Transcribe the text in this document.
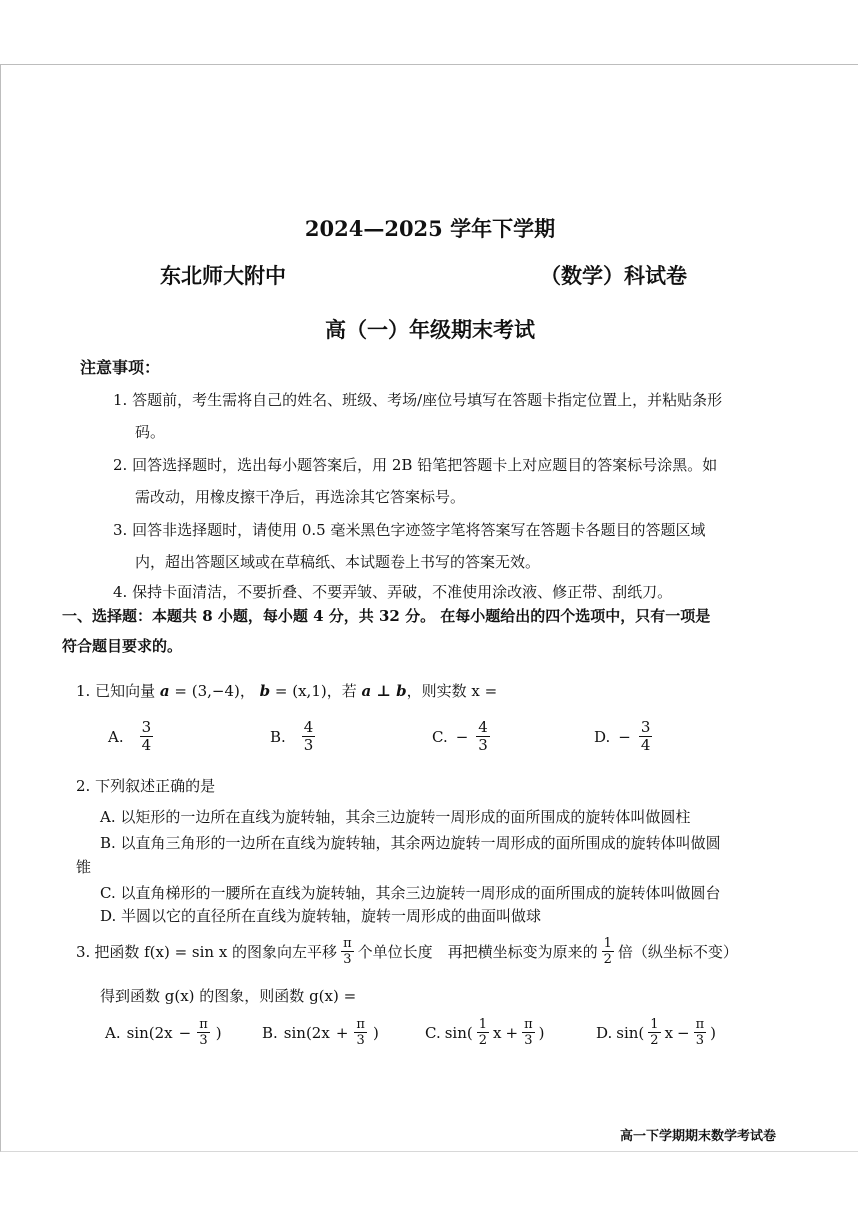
2024—2025 学年下学期
东北师大附中	（数学）科试卷
高（一）年级期末考试
注意事项：
1. 答题前，考生需将自己的姓名、班级、考场/座位号填写在答题卡指定位置上，并粘贴条形
码。
2. 回答选择题时，选出每小题答案后，用 2B 铅笔把答题卡上对应题目的答案标号涂黑。如
需改动，用橡皮擦干净后，再选涂其它答案标号。
3. 回答非选择题时，请使用 0.5 毫米黑色字迹签字笔将答案写在答题卡各题目的答题区域
内，超出答题区域或在草稿纸、本试题卷上书写的答案无效。
4. 保持卡面清洁，不要折叠、不要弄皱、弄破，不准使用涂改液、修正带、刮纸刀。
一、选择题：本题共 8 小题，每小题 4 分，共 32 分。 在每小题给出的四个选项中，只有一项是
符合题目要求的。
1. 已知向量 a = (3,−4)， b = (x,1)，若 a ⊥ b，则实数 x =
A. $\frac{3}{4}$	B. $\frac{4}{3}$	C. − $\frac{4}{3}$	D. − $\frac{3}{4}$
2. 下列叙述正确的是
A. 以矩形的一边所在直线为旋转轴，其余三边旋转一周形成的面所围成的旋转体叫做圆柱
B. 以直角三角形的一边所在直线为旋转轴，其余两边旋转一周形成的面所围成的旋转体叫做圆
锥
C. 以直角梯形的一腰所在直线为旋转轴，其余三边旋转一周形成的面所围成的旋转体叫做圆台
D. 半圆以它的直径所在直线为旋转轴，旋转一周形成的曲面叫做球
3. 把函数 f(x) = sin x 的图象向左平移 $\frac{\pi}{3}$ 个单位长度　再把横坐标变为原来的 $\frac{1}{2}$ 倍（纵坐标不变）
得到函数 g(x) 的图象，则函数 g(x) =
A. $\sin(2x - \frac{\pi}{3}$ )	B. $\sin(2x + \frac{\pi}{3}$ )	C. $\sin( \frac{1}{2}$ $x + \frac{\pi}{3}$ )	D. $\sin( \frac{1}{2}$ $x - \frac{\pi}{3}$ )
高一下学期期末数学考试卷
